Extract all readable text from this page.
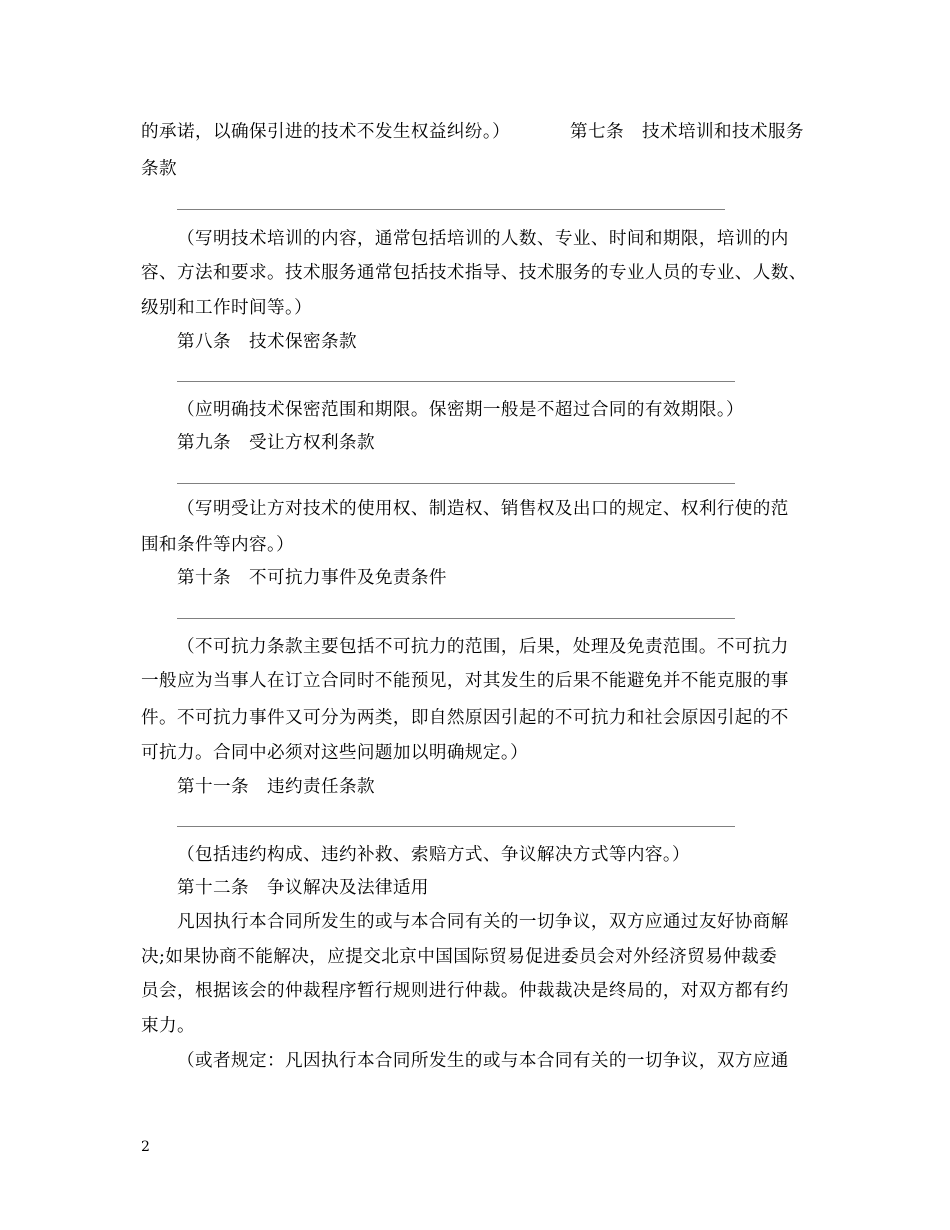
的承诺，以确保引进的技术不发生权益纠纷。）	第七条　技术培训和技术服务
条款
（写明技术培训的内容，通常包括培训的人数、专业、时间和期限，培训的内
容、方法和要求。技术服务通常包括技术指导、技术服务的专业人员的专业、人数、
级别和工作时间等。）
第八条　技术保密条款
（应明确技术保密范围和期限。保密期一般是不超过合同的有效期限。）
第九条　受让方权利条款
（写明受让方对技术的使用权、制造权、销售权及出口的规定、权利行使的范
围和条件等内容。）
第十条　不可抗力事件及免责条件
（不可抗力条款主要包括不可抗力的范围，后果，处理及免责范围。不可抗力
一般应为当事人在订立合同时不能预见，对其发生的后果不能避免并不能克服的事
件。不可抗力事件又可分为两类，即自然原因引起的不可抗力和社会原因引起的不
可抗力。合同中必须对这些问题加以明确规定。）
第十一条　违约责任条款
（包括违约构成、违约补救、索赔方式、争议解决方式等内容。）
第十二条　争议解决及法律适用
凡因执行本合同所发生的或与本合同有关的一切争议，双方应通过友好协商解
决;如果协商不能解决，应提交北京中国国际贸易促进委员会对外经济贸易仲裁委
员会，根据该会的仲裁程序暂行规则进行仲裁。仲裁裁决是终局的，对双方都有约
束力。
（或者规定：凡因执行本合同所发生的或与本合同有关的一切争议，双方应通
2
